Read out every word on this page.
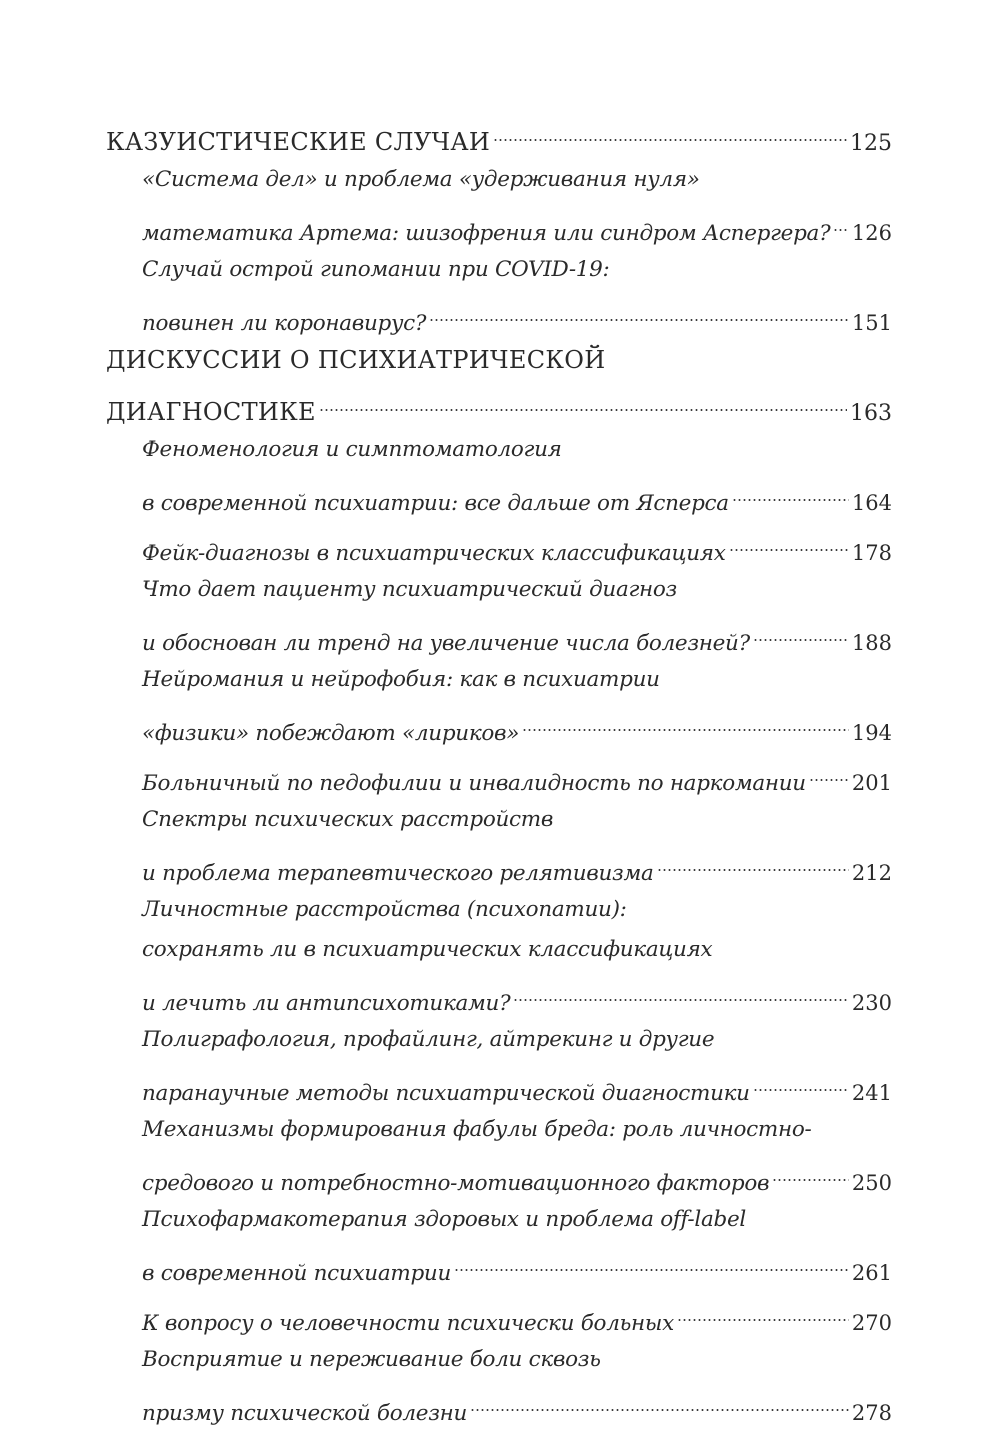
КАЗУИСТИЧЕСКИЕ СЛУЧАИ	125
«Система дел» и проблема «удерживания нуля»
математика Артема: шизофрения или синдром Аспергера? 126
Случай острой гипомании при COVID-19:
повинен ли коронавирус?	151
ДИСКУССИИ О ПСИХИАТРИЧЕСКОЙ
ДИАГНОСТИКЕ	163
Феноменология и симптоматология
в современной психиатрии: все дальше от Ясперса	164
Фейк-диагнозы в психиатрических классификациях	178
Что дает пациенту психиатрический диагноз
и обоснован ли тренд на увеличение числа болезней?	188
Нейромания и нейрофобия: как в психиатрии
«физики» побеждают «лириков»	194
Больничный по педофилии и инвалидность по наркомании 201
Спектры психических расстройств
и проблема терапевтического релятивизма	212
Личностные расстройства (психопатии):
сохранять ли в психиатрических классификациях
и лечить ли антипсихотиками?	230
Полиграфология, профайлинг, айтрекинг и другие
паранаучные методы психиатрической диагностики	241
Механизмы формирования фабулы бреда: роль личностно-
средового и потребностно-мотивационного факторов	250
Психофармакотерапия здоровых и проблема off-label
в современной психиатрии	261
К вопросу о человечности психически больных	270
Восприятие и переживание боли сквозь
призму психической болезни	278
